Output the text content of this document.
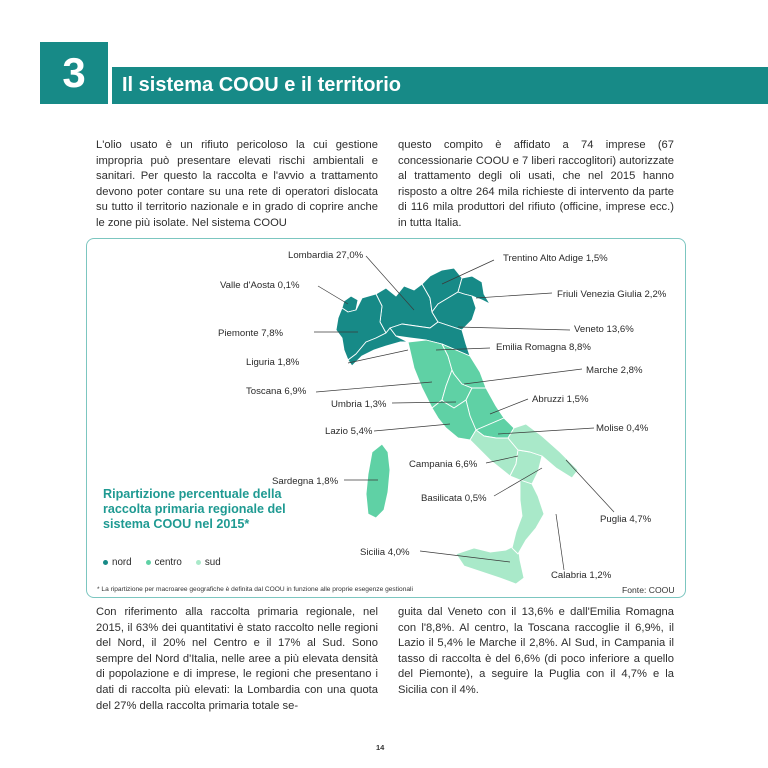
3	Il sistema COOU e il territorio

L'olio usato è un rifiuto pericoloso la cui gestione impropria può presentare elevati rischi ambientali e sanitari. Per questo la raccolta e l'avvio a trattamento devono poter contare su una rete di operatori dislocata su tutto il territorio nazionale e in grado di coprire anche le zone più isolate. Nel sistema COOU

questo compito è affidato a 74 imprese (67 concessionarie COOU e 7 liberi raccoglitori) autorizzate al trattamento degli oli usati, che nel 2015 hanno risposto a oltre 264 mila richieste di intervento da parte di 116 mila produttori del rifiuto (officine, imprese ecc.) in tutta Italia.

Lombardia 27,0%
Valle d'Aosta 0,1%
Piemonte 7,8%
Liguria 1,8%
Trentino Alto Adige 1,5%
Friuli Venezia Giulia 2,2%
Veneto 13,6%
Emilia Romagna 8,8%
Toscana 6,9%
Umbria 1,3%
Marche 2,8%
Abruzzi 1,5%
Lazio 5,4%	Molise 0,4%
Sardegna 1,8%
Campania 6,6%
Basilicata 0,5%
Puglia 4,7%
Sicilia 4,0%
Calabria 1,2%
Ripartizione percentuale della raccolta primaria regionale del sistema COOU nel 2015*
nord centro sud
* La ripartizione per macroaree geografiche è definita dal COOU in funzione alle proprie esegenze gestionali	Fonte: COOU

Con riferimento alla raccolta primaria regionale, nel 2015, il 63% dei quantitativi è stato raccolto nelle regioni del Nord, il 20% nel Centro e il 17% al Sud. Sono sempre del Nord d'Italia, nelle aree a più elevata densità di popolazione e di imprese, le regioni che presentano i dati di raccolta più elevati: la Lombardia con una quota del 27% della raccolta primaria totale se-

guita dal Veneto con il 13,6% e dall'Emilia Romagna con l'8,8%. Al centro, la Toscana raccoglie il 6,9%, il Lazio il 5,4% le Marche il 2,8%. Al Sud, in Campania il tasso di raccolta è del 6,6% (di poco inferiore a quello del Piemonte), a seguire la Puglia con il 4,7% e la Sicilia con il 4%.

14
